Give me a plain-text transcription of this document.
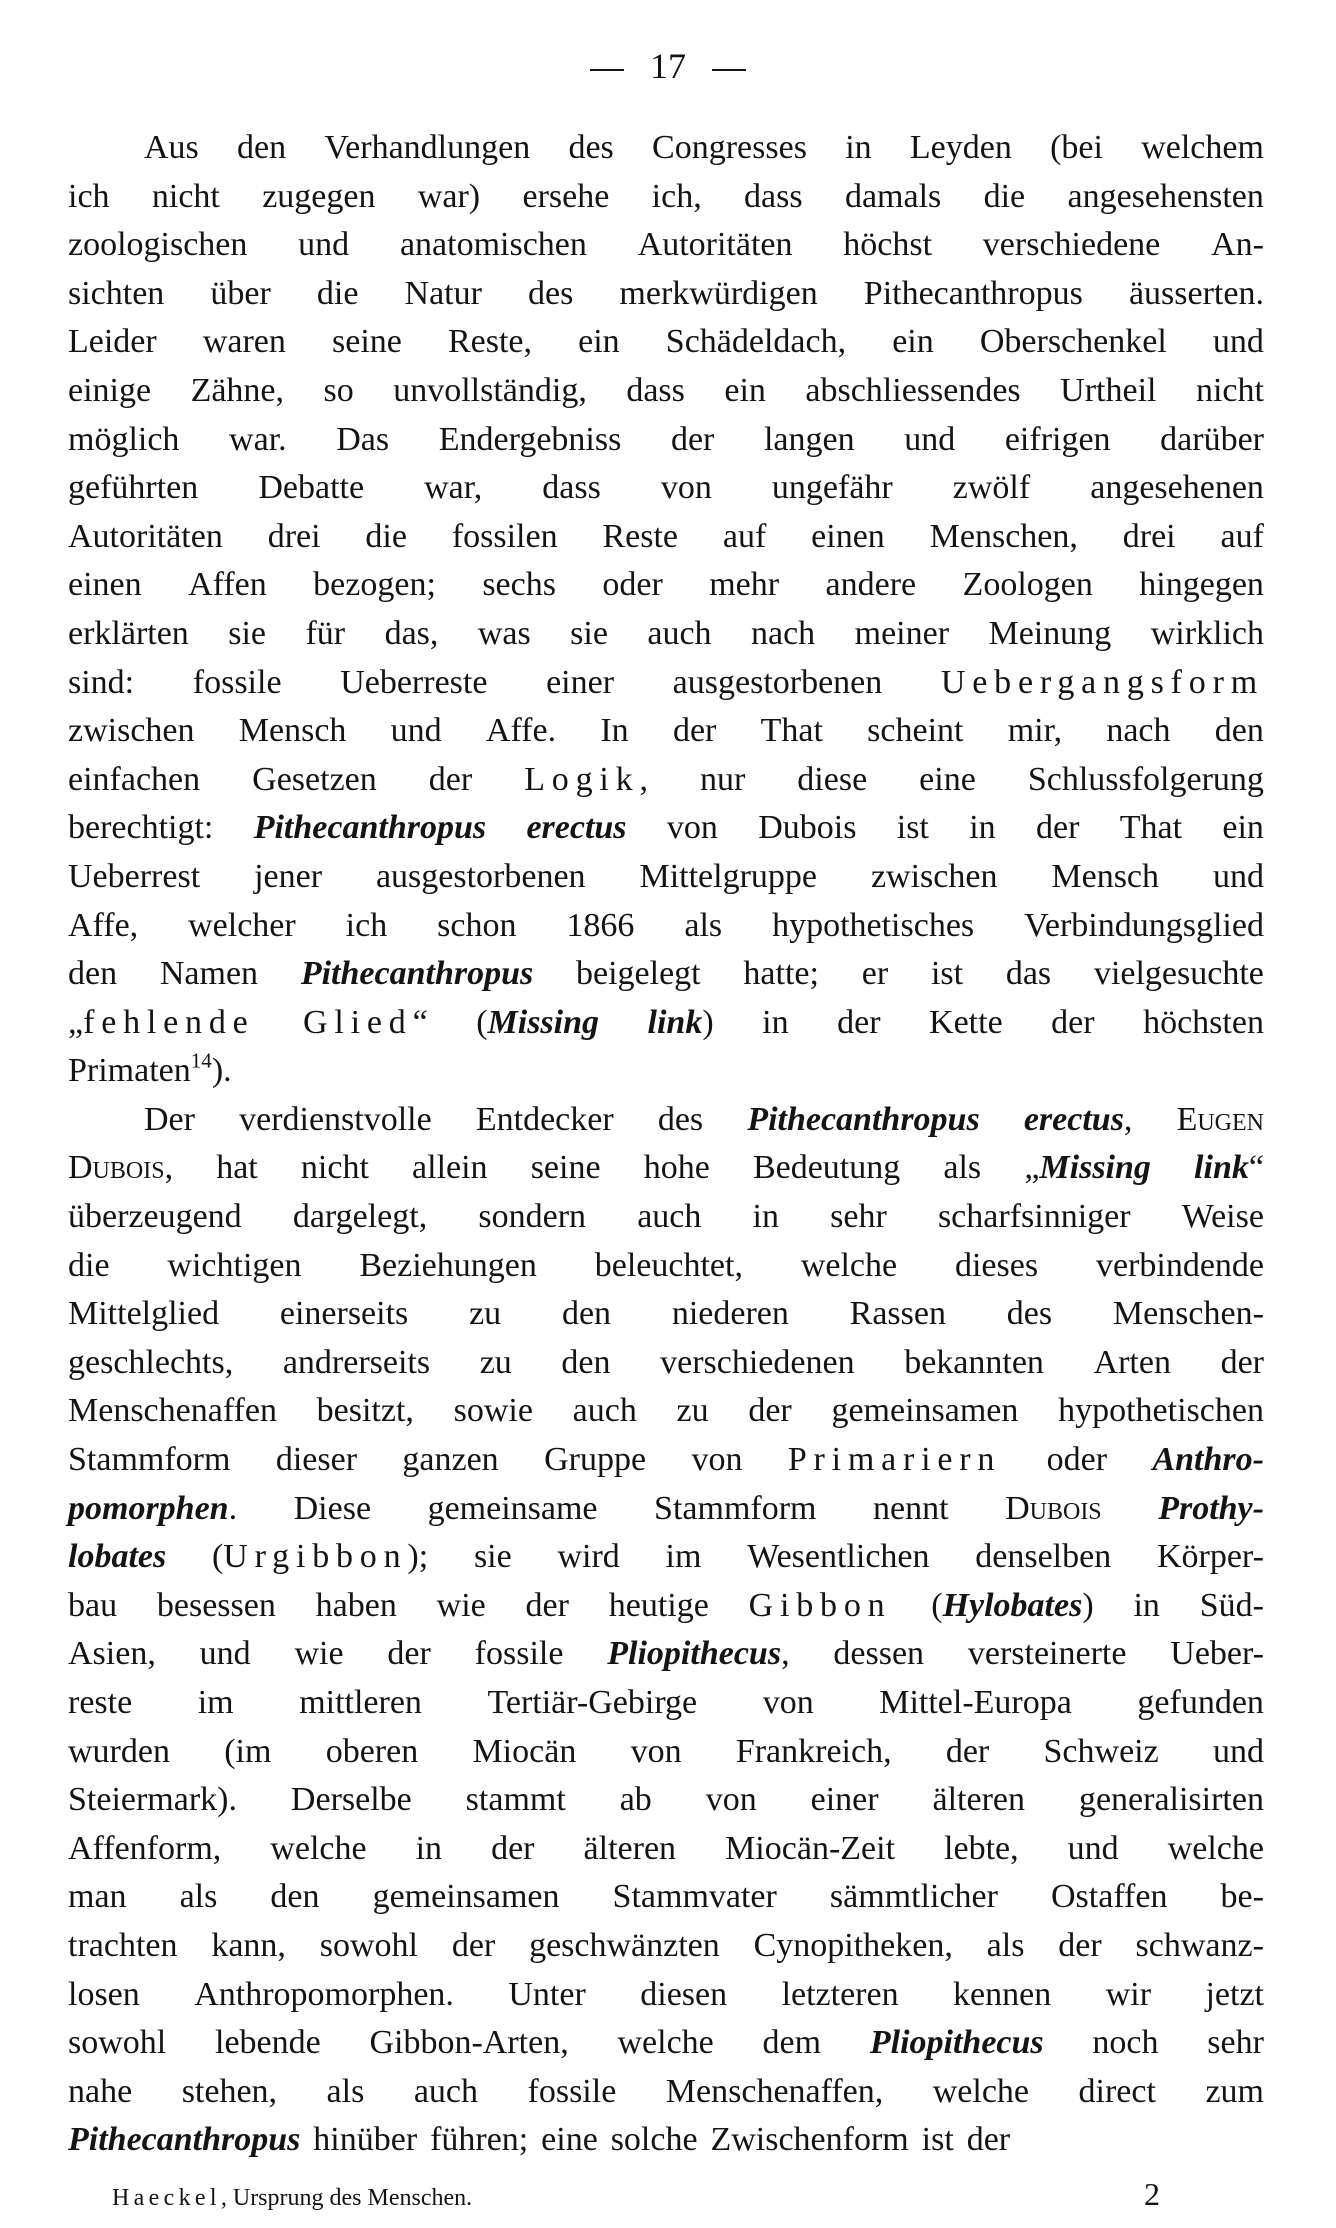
17
Aus den Verhandlungen des Congresses in Leyden (bei welchem
ich nicht zugegen war) ersehe ich, dass damals die angesehensten
zoologischen und anatomischen Autoritäten höchst verschiedene An-
sichten über die Natur des merkwürdigen Pithecanthropus äusserten.
Leider waren seine Reste, ein Schädeldach, ein Oberschenkel und
einige Zähne, so unvollständig, dass ein abschliessendes Urtheil nicht
möglich war. Das Endergebniss der langen und eifrigen darüber
geführten Debatte war, dass von ungefähr zwölf angesehenen
Autoritäten drei die fossilen Reste auf einen Menschen, drei auf
einen Affen bezogen; sechs oder mehr andere Zoologen hingegen
erklärten sie für das, was sie auch nach meiner Meinung wirklich
sind: fossile Ueberreste einer ausgestorbenen Uebergangsform
zwischen Mensch und Affe. In der That scheint mir, nach den
einfachen Gesetzen der Logik, nur diese eine Schlussfolgerung
berechtigt: Pithecanthropus erectus von Dubois ist in der That ein
Ueberrest jener ausgestorbenen Mittelgruppe zwischen Mensch und
Affe, welcher ich schon 1866 als hypothetisches Verbindungsglied
den Namen Pithecanthropus beigelegt hatte; er ist das vielgesuchte
„fehlende Glied“ (Missing link) in der Kette der höchsten
Primaten$^{14}$).
Der verdienstvolle Entdecker des Pithecanthropus erectus, Eugen
Dubois, hat nicht allein seine hohe Bedeutung als „Missing link“
überzeugend dargelegt, sondern auch in sehr scharfsinniger Weise
die wichtigen Beziehungen beleuchtet, welche dieses verbindende
Mittelglied einerseits zu den niederen Rassen des Menschen-
geschlechts, andrerseits zu den verschiedenen bekannten Arten der
Menschenaffen besitzt, sowie auch zu der gemeinsamen hypothetischen
Stammform dieser ganzen Gruppe von Primariern oder Anthro-
pomorphen. Diese gemeinsame Stammform nennt Dubois Prothy-
lobates (Urgibbon); sie wird im Wesentlichen denselben Körper-
bau besessen haben wie der heutige Gibbon (Hylobates) in Süd-
Asien, und wie der fossile Pliopithecus, dessen versteinerte Ueber-
reste im mittleren Tertiär-Gebirge von Mittel-Europa gefunden
wurden (im oberen Miocän von Frankreich, der Schweiz und
Steiermark). Derselbe stammt ab von einer älteren generalisirten
Affenform, welche in der älteren Miocän-Zeit lebte, und welche
man als den gemeinsamen Stammvater sämmtlicher Ostaffen be-
trachten kann, sowohl der geschwänzten Cynopitheken, als der schwanz-
losen Anthropomorphen. Unter diesen letzteren kennen wir jetzt
sowohl lebende Gibbon-Arten, welche dem Pliopithecus noch sehr
nahe stehen, als auch fossile Menschenaffen, welche direct zum
Pithecanthropus hinüber führen; eine solche Zwischenform ist der
Haeckel, Ursprung des Menschen.	2
